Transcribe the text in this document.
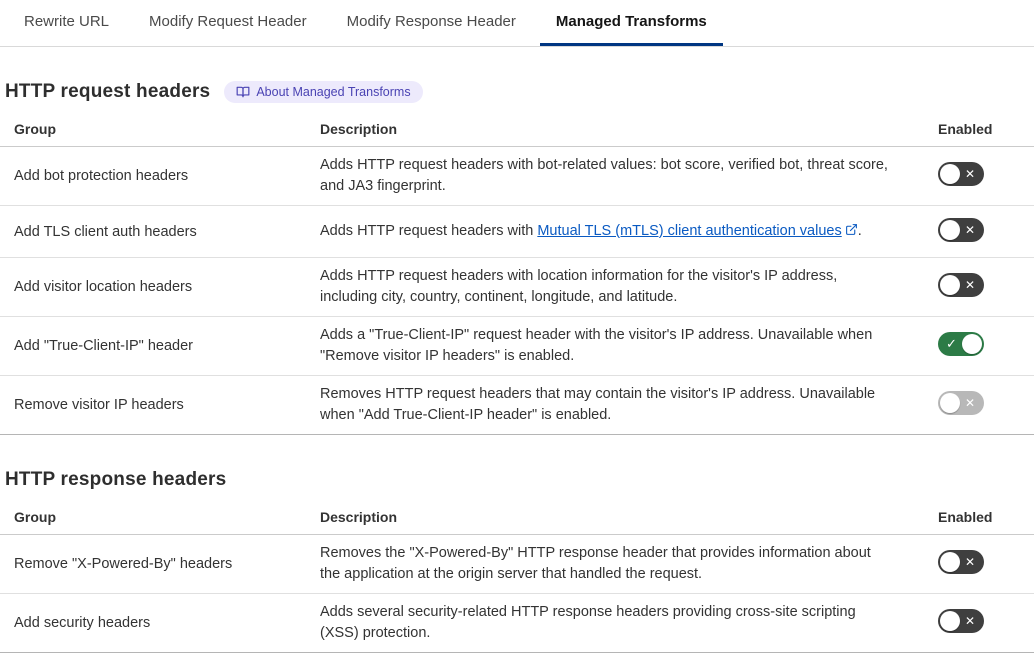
Rewrite URL	Modify Request Header	Modify Response Header	Managed Transforms
HTTP request headers	About Managed Transforms
Group	Description	Enabled
Add bot protection headers	Adds HTTP request headers with bot-related values: bot score, verified bot, threat score, and JA3 fingerprint.	
✕

Add TLS client auth headers	Adds HTTP request headers with Mutual TLS (mTLS) client authentication values .	
✕

Add visitor location headers	Adds HTTP request headers with location information for the visitor's IP address, including city, country, continent, longitude, and latitude.	
✕

Add "True-Client-IP" header	Adds a "True-Client-IP" request header with the visitor's IP address. Unavailable when "Remove visitor IP headers" is enabled.	
✓

Remove visitor IP headers	Removes HTTP request headers that may contain the visitor's IP address. Unavailable when "Add True-Client-IP header" is enabled.	
✕
HTTP response headers
Group	Description	Enabled
Remove "X-Powered-By" headers	Removes the "X-Powered-By" HTTP response header that provides information about the application at the origin server that handled the request.	
✕

Add security headers	Adds several security-related HTTP response headers providing cross-site scripting (XSS) protection.	
✕
